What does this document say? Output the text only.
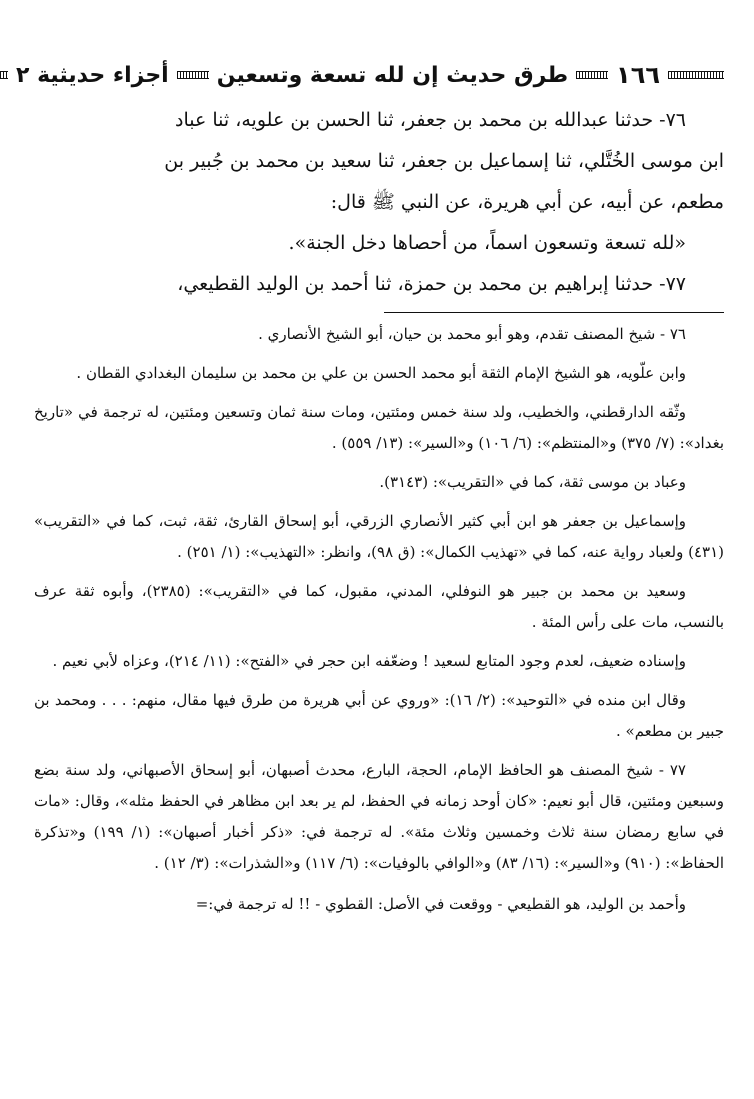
١٦٦
طرق حديث إن لله تسعة وتسعين
أجزاء حديثية ٢

٧٦- حدثنا عبدالله بن محمد بن جعفر، ثنا الحسن بن علويه، ثنا عباد

ابن موسى الخُتَّلي، ثنا إسماعيل بن جعفر، ثنا سعيد بن محمد بن جُبير بن

مطعم، عن أبيه، عن أبي هريرة، عن النبي ﷺ قال:

«لله تسعة وتسعون اسماً، من أحصاها دخل الجنة».

٧٧- حدثنا إبراهيم بن محمد بن حمزة، ثنا أحمد بن الوليد القطيعي،

٧٦ - شيخ المصنف تقدم، وهو أبو محمد بن حيان، أبو الشيخ الأنصاري .

وابن علّويه، هو الشيخ الإمام الثقة أبو محمد الحسن بن علي بن محمد بن سليمان البغدادي القطان .

وثّقه الدارقطني، والخطيب، ولد سنة خمس ومئتين، ومات سنة ثمان وتسعين ومئتين، له ترجمة في «تاريخ بغداد»: (٧/ ٣٧٥) و«المنتظم»: (٦/ ١٠٦) و«السير»: (١٣/ ٥٥٩) .

وعباد بن موسى ثقة، كما في «التقريب»: (٣١٤٣).

وإسماعيل بن جعفر هو ابن أبي كثير الأنصاري الزرقي، أبو إسحاق القارئ، ثقة، ثبت، كما في «التقريب» (٤٣١) ولعباد رواية عنه، كما في «تهذيب الكمال»: (ق ٩٨)، وانظر: «التهذيب»: (١/ ٢٥١) .

وسعيد بن محمد بن جبير هو النوفلي، المدني، مقبول، كما في «التقريب»: (٢٣٨٥)، وأبوه ثقة عرف بالنسب، مات على رأس المئة .

وإسناده ضعيف، لعدم وجود المتابع لسعيد ! وضعّفه ابن حجر في «الفتح»: (١١/ ٢١٤)، وعزاه لأبي نعيم .

وقال ابن منده في «التوحيد»: (٢/ ١٦): «وروي عن أبي هريرة من طرق فيها مقال، منهم: . . . ومحمد بن جبير بن مطعم» .

٧٧ - شيخ المصنف هو الحافظ الإمام، الحجة، البارع، محدث أصبهان، أبو إسحاق الأصبهاني، ولد سنة بضع وسبعين ومئتين، قال أبو نعيم: «كان أوحد زمانه في الحفظ، لم ير بعد ابن مظاهر في الحفظ مثله»، وقال: «مات في سابع رمضان سنة ثلاث وخمسين وثلاث مئة». له ترجمة في: «ذكر أخبار أصبهان»: (١/ ١٩٩) و«تذكرة الحفاظ»: (٩١٠) و«السير»: (١٦/ ٨٣) و«الوافي بالوفيات»: (٦/ ١١٧) و«الشذرات»: (٣/ ١٢) .

وأحمد بن الوليد، هو القطيعي - ووقعت في الأصل: القطوي - !! له ترجمة في:=
